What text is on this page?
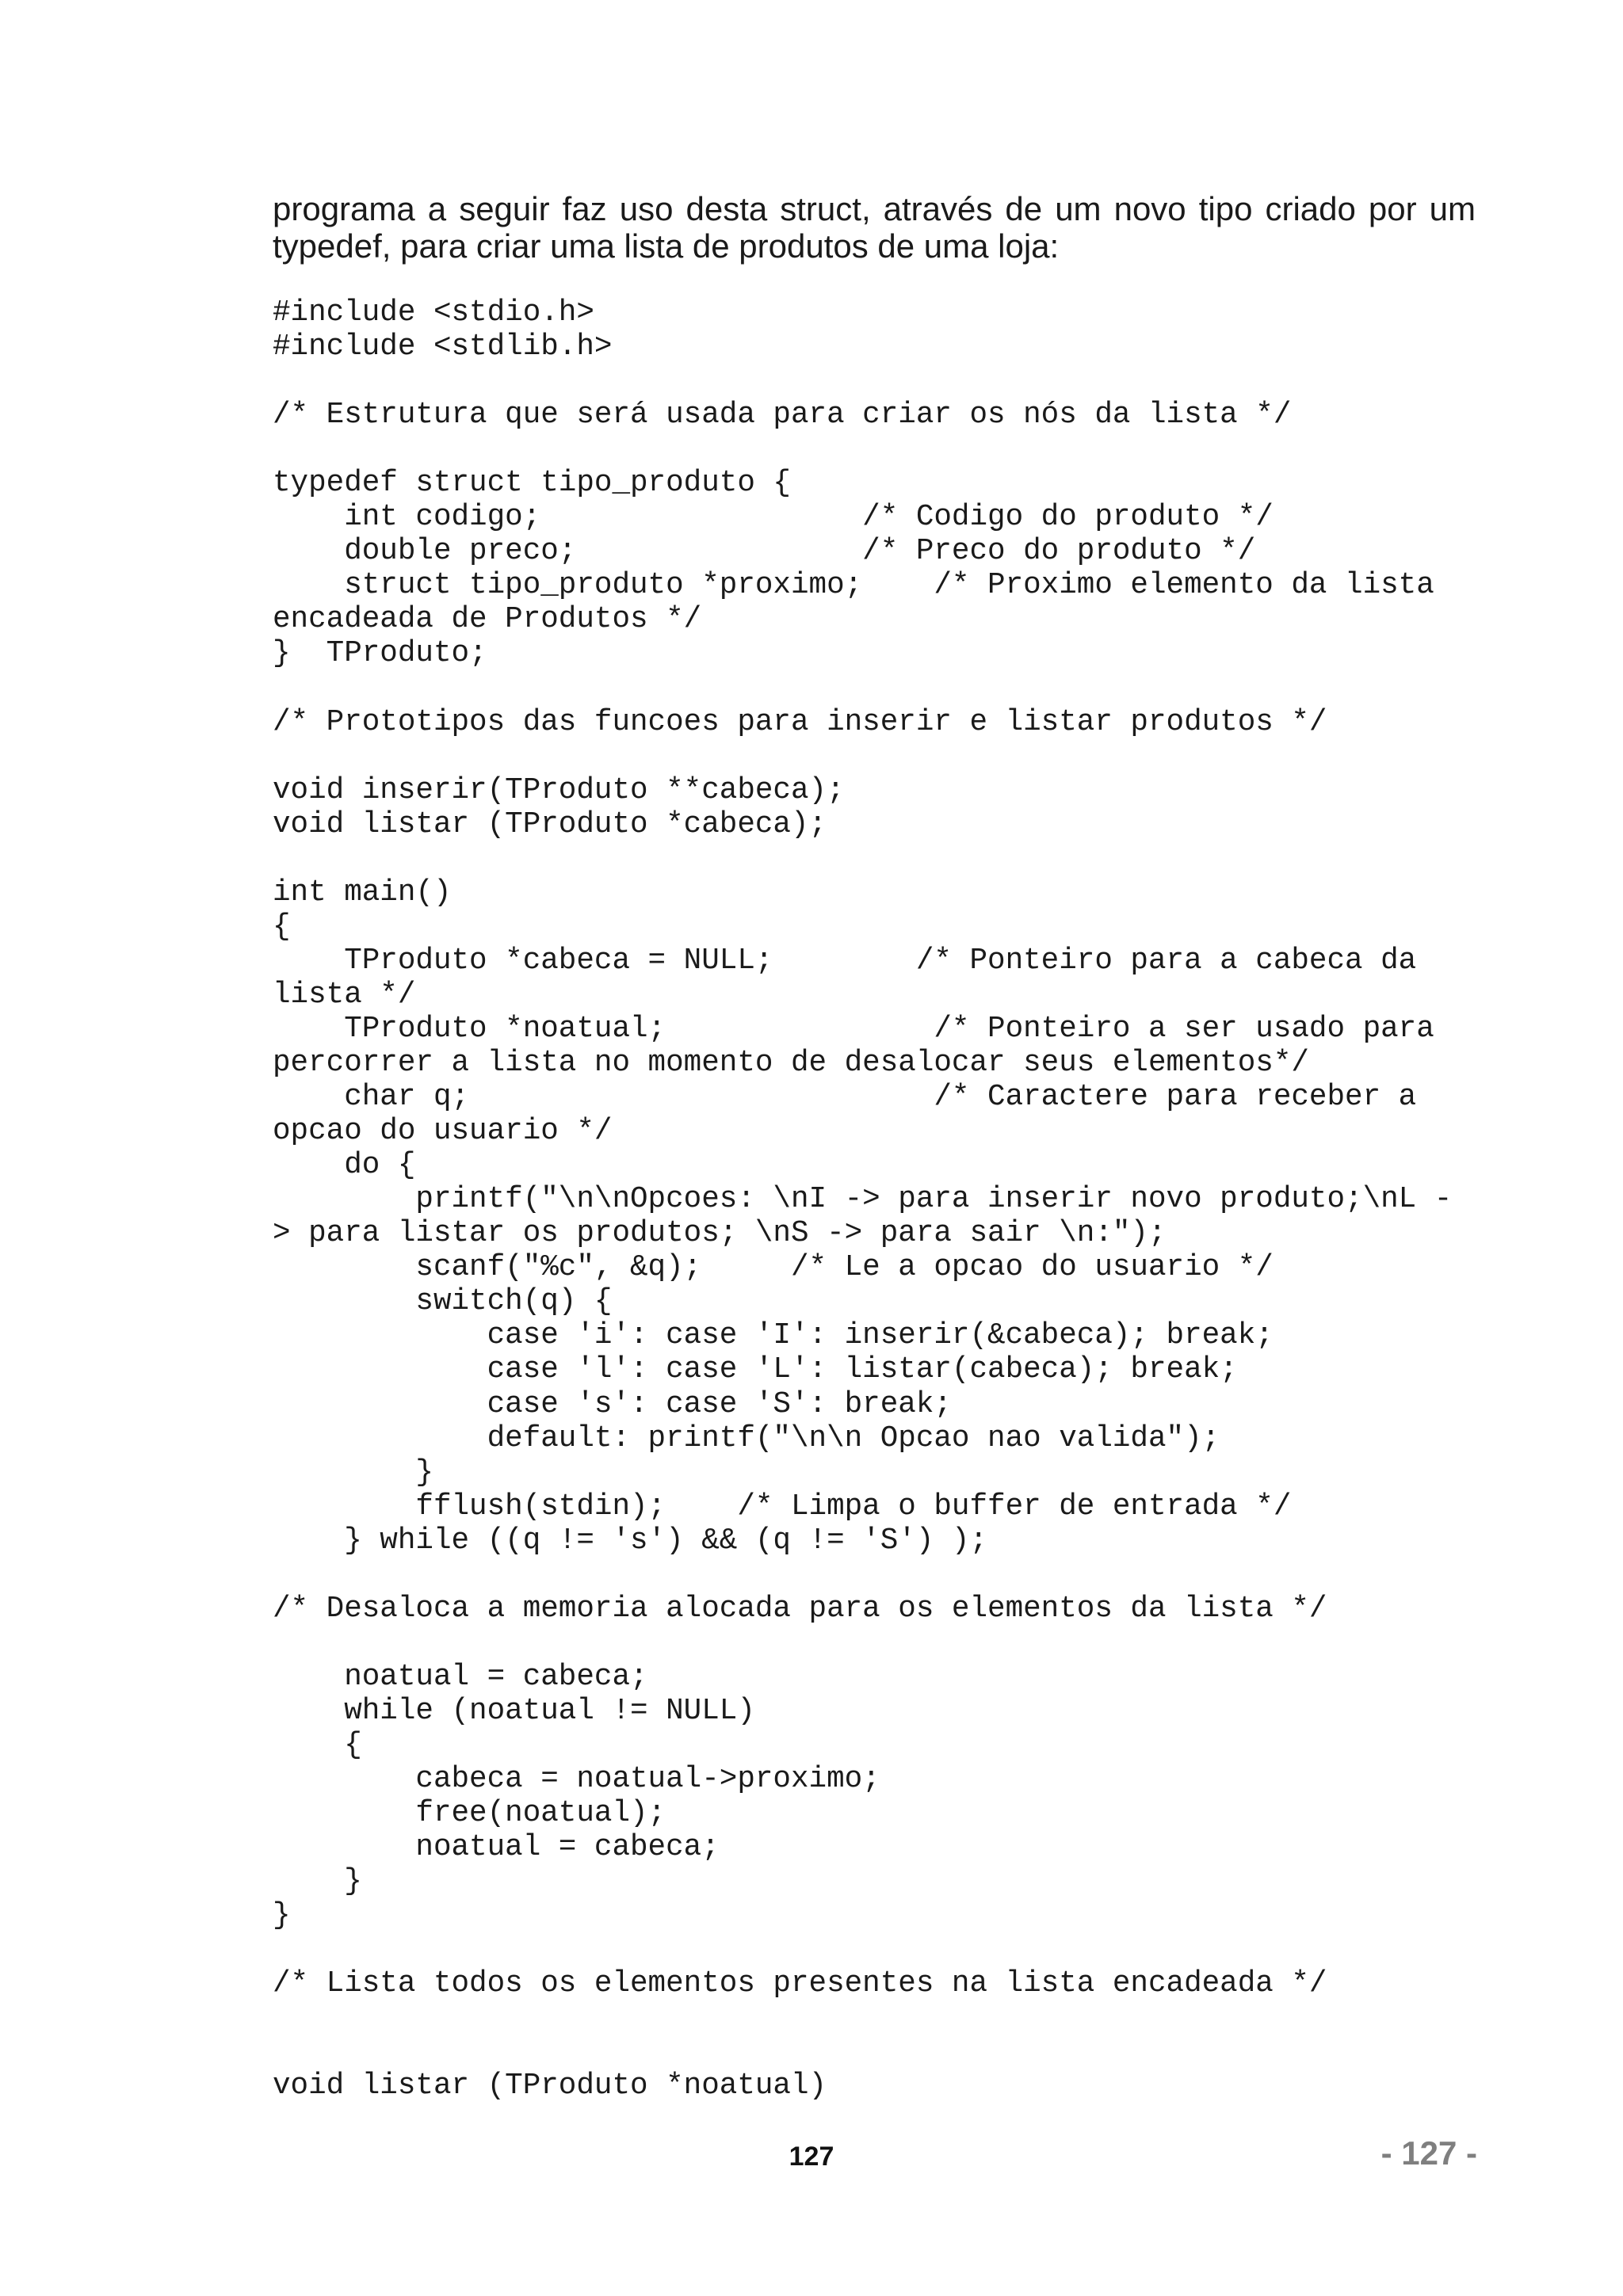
programa a seguir faz uso desta struct, através de um novo tipo criado por um
typedef, para criar uma lista de produtos de uma loja:

#include <stdio.h>
#include <stdlib.h>
/* Estrutura que será usada para criar os nós da lista */
typedef struct tipo_produto {
int codigo;                  /* Codigo do produto */
double preco;                /* Preco do produto */
struct tipo_produto *proximo;    /* Proximo elemento da lista
encadeada de Produtos */
}  TProduto;
/* Prototipos das funcoes para inserir e listar produtos */
void inserir(TProduto **cabeca);
void listar (TProduto *cabeca);
int main()
{
TProduto *cabeca = NULL;        /* Ponteiro para a cabeca da
lista */
TProduto *noatual;               /* Ponteiro a ser usado para
percorrer a lista no momento de desalocar seus elementos*/
char q;                          /* Caractere para receber a
opcao do usuario */
do {
printf("\n\nOpcoes: \nI -> para inserir novo produto;\nL -
> para listar os produtos; \nS -> para sair \n:");
scanf("%c", &q);     /* Le a opcao do usuario */
switch(q) {
case 'i': case 'I': inserir(&cabeca); break;
case 'l': case 'L': listar(cabeca); break;
case 's': case 'S': break;
default: printf("\n\n Opcao nao valida");
}
fflush(stdin);    /* Limpa o buffer de entrada */
} while ((q != 's') && (q != 'S') );
/* Desaloca a memoria alocada para os elementos da lista */
noatual = cabeca;
while (noatual != NULL)
{
cabeca = noatual->proximo;
free(noatual);
noatual = cabeca;
}
}
/* Lista todos os elementos presentes na lista encadeada */
void listar (TProduto *noatual)
127	- 127 -
